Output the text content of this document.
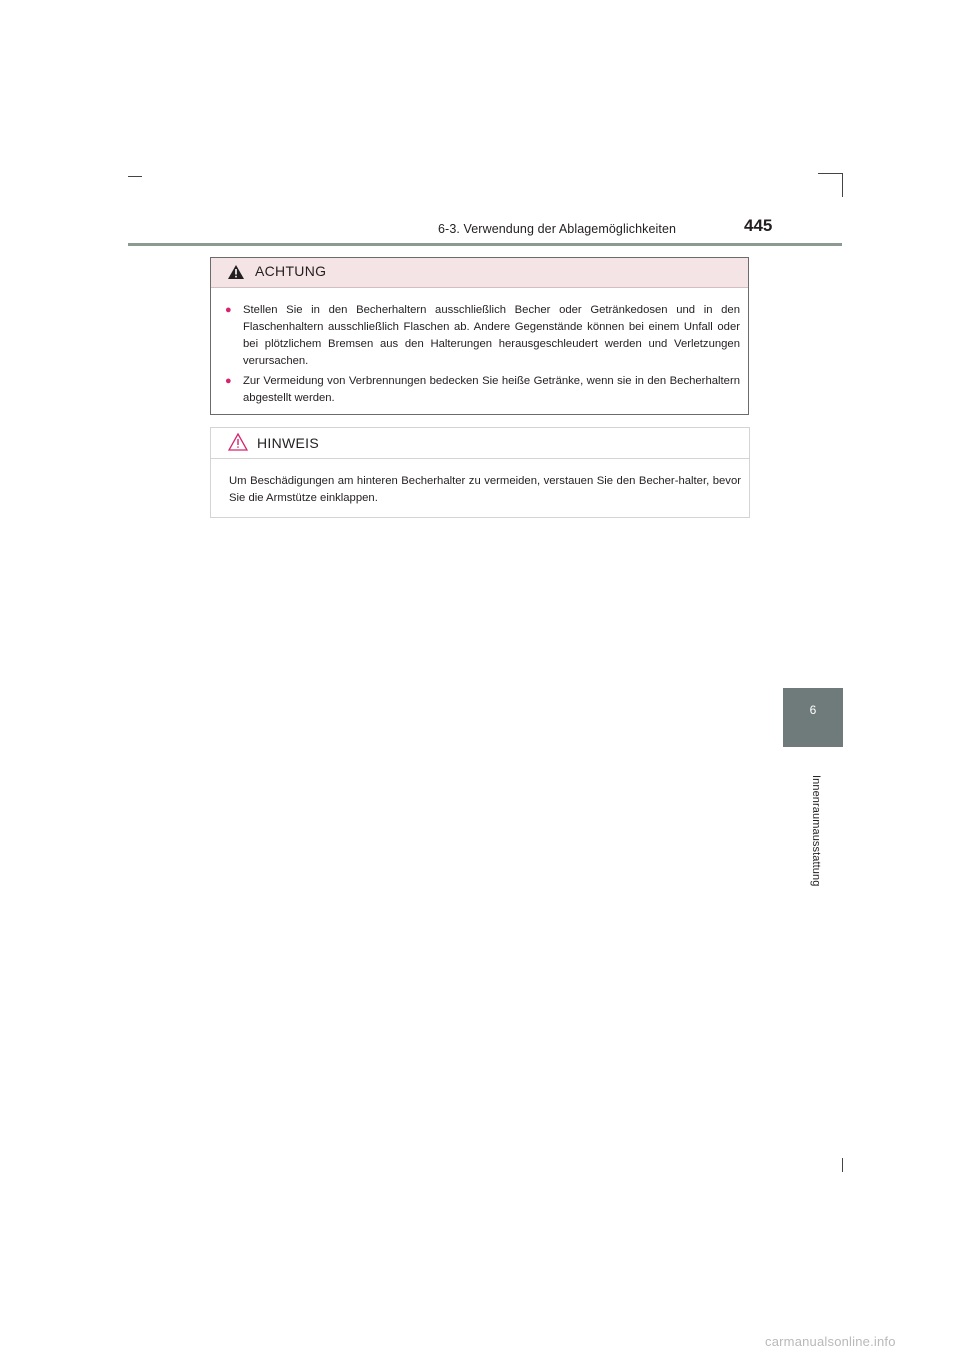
6-3. Verwendung der Ablagemöglichkeiten	445
6
Innenraumausstattung
ACHTUNG
●	Stellen Sie in den Becherhaltern ausschließlich Becher oder Getränkedosen und in den Flaschenhaltern ausschließlich Flaschen ab. Andere Gegenstände können bei einem Unfall oder bei plötzlichem Bremsen aus den Halterungen herausgeschleudert werden und Verletzungen verursachen.
●	Zur Vermeidung von Verbrennungen bedecken Sie heiße Getränke, wenn sie in den Becherhaltern abgestellt werden.
HINWEIS
Um Beschädigungen am hinteren Becherhalter zu vermeiden, verstauen Sie den Becher-halter, bevor Sie die Armstütze einklappen.
carmanualsonline.info
